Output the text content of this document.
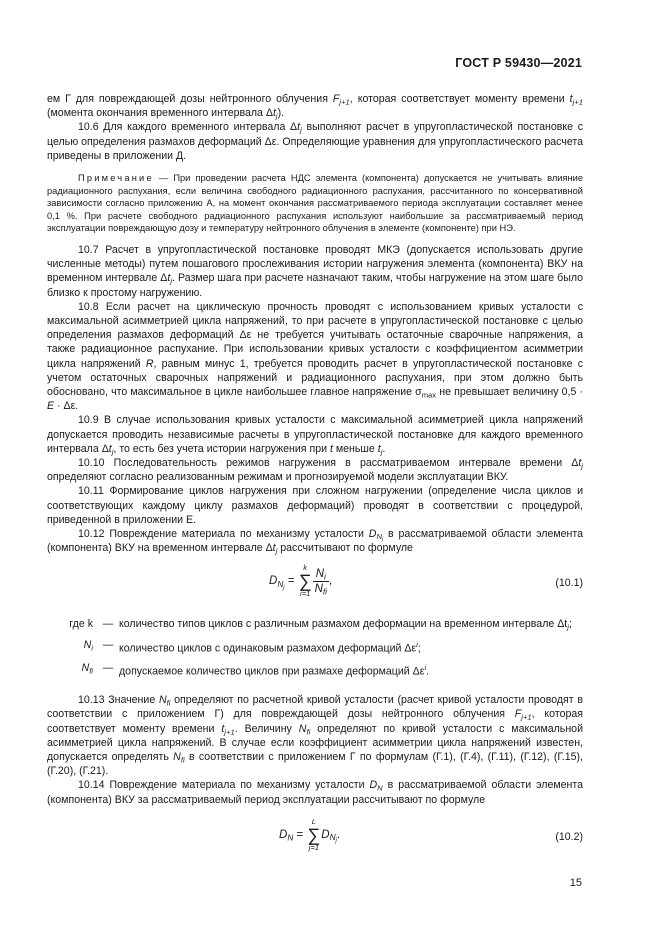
ГОСТ Р 59430—2021

ем Г для повреждающей дозы нейтронного облучения $F_{j+1}$, которая соответствует моменту времени $t_{j+1}$ (момента окончания временного интервала $\Delta t_j$).

10.6 Для каждого временного интервала $\Delta t_j$ выполняют расчет в упругопластической постановке с целью определения размахов деформаций Δε. Определяющие уравнения для упругопластического расчета приведены в приложении Д.

Примечание — При проведении расчета НДС элемента (компонента) допускается не учитывать влияние радиационного распухания, если величина свободного радиационного распухания, рассчитанного по консервативной зависимости согласно приложению А, на момент окончания рассматриваемого периода эксплуатации составляет менее 0,1 %. При расчете свободного радиационного распухания используют наибольшие за рассматриваемый период эксплуатации повреждающую дозу и температуру нейтронного облучения в элементе (компоненте) при НЭ.

10.7 Расчет в упругопластической постановке проводят МКЭ (допускается использовать другие численные методы) путем пошагового прослеживания истории нагружения элемента (компонента) ВКУ на временном интервале $\Delta t_j$. Размер шага при расчете назначают таким, чтобы нагружение на этом шаге было близко к простому нагружению.

10.8 Если расчет на циклическую прочность проводят с использованием кривых усталости с максимальной асимметрией цикла напряжений, то при расчете в упругопластической постановке с целью определения размахов деформаций Δε не требуется учитывать остаточные сварочные напряжения, а также радиационное распухание. При использовании кривых усталости с коэффициентом асимметрии цикла напряжений R, равным минус 1, требуется проводить расчет в упругопластической постановке с учетом остаточных сварочных напряжений и радиационного распухания, при этом должно быть обосновано, что максимальное в цикле наибольшее главное напряжение $\sigma_{max}$ не превышает величину 0,5 · E · Δε.

10.9 В случае использования кривых усталости с максимальной асимметрией цикла напряжений допускается проводить независимые расчеты в упругопластической постановке для каждого временного интервала $\Delta t_j$, то есть без учета истории нагружения при t меньше $t_j$.

10.10 Последовательность режимов нагружения в рассматриваемом интервале времени $\Delta t_j$ определяют согласно реализованным режимам и прогнозируемой модели эксплуатации ВКУ.

10.11 Формирование циклов нагружения при сложном нагружении (определение числа циклов и соответствующих каждому циклу размахов деформаций) проводят в соответствии с процедурой, приведенной в приложении Е.

10.12 Повреждение материала по механизму усталости $D_{N_j}$ в рассматриваемой области элемента (компонента) ВКУ на временном интервале $\Delta t_j$ рассчитывают по формуле

$D_{N_j}$ =
k
∑
$i=1 \frac{N_i}{N_{fi}}$ ,	(10.1)
где k — количество типов циклов с различным размахом деформации на временном интервале $\Delta t_j$;
$N_i$ — количество циклов с одинаковым размахом деформаций $\Delta\varepsilon^i$;
$N_{fi}$ — допускаемое количество циклов при размахе деформаций $\Delta\varepsilon^i$.

10.13 Значение $N_{fi}$ определяют по расчетной кривой усталости (расчет кривой усталости проводят в соответствии с приложением Г) для повреждающей дозы нейтронного облучения $F_{j+1}$, которая соответствует моменту времени $t_{j+1}$. Величину $N_{fi}$ определяют по кривой усталости с максимальной асимметрией цикла напряжений. В случае если коэффициент асимметрии цикла напряжений известен, допускается определять $N_{fi}$ в соответствии с приложением Г по формулам (Г.1), (Г.4), (Г.11), (Г.12), (Г.15), (Г.20), (Г.21).

10.14 Повреждение материала по механизму усталости $D_N$ в рассматриваемой области элемента (компонента) ВКУ за рассматриваемый период эксплуатации рассчитывают по формуле

$D_N$ =
L
∑
j=1
$D_{N_j}$.	(10.2)
15
